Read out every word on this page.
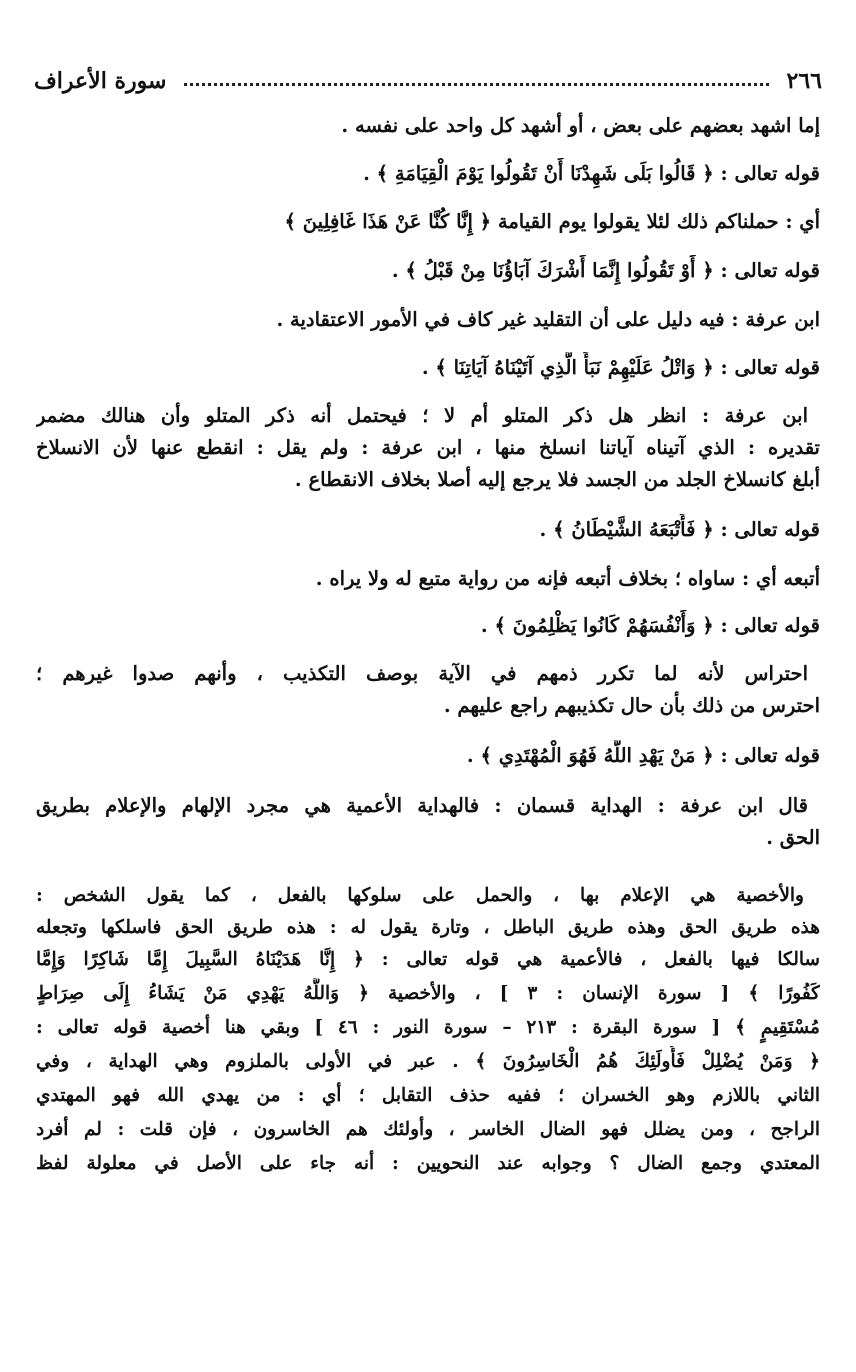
٢٦٦
سورة الأعراف
إما اشهد بعضهم على بعض ، أو أشهد كل واحد على نفسه .
قوله تعالى : ﴿ قَالُوا بَلَى شَهِدْنَا أَنْ تَقُولُوا يَوْمَ الْقِيَامَةِ ﴾ .
أي : حملناكم ذلك لئلا يقولوا يوم القيامة ﴿ إِنَّا كُنَّا عَنْ هَذَا غَافِلِينَ ﴾
قوله تعالى : ﴿ أَوْ تَقُولُوا إِنَّمَا أَشْرَكَ آبَاؤُنَا مِنْ قَبْلُ ﴾ .
ابن عرفة : فيه دليل على أن التقليد غير كاف في الأمور الاعتقادية .
قوله تعالى : ﴿ وَاتْلُ عَلَيْهِمْ نَبَأَ الَّذِي آتَيْنَاهُ آيَاتِنَا ﴾ .
ابن عرفة : انظر هل ذكر المتلو أم لا ؛ فيحتمل أنه ذكر المتلو وأن هنالك مضمر
تقديره : الذي آتيناه آياتنا انسلخ منها ، ابن عرفة : ولم يقل : انقطع عنها لأن الانسلاخ
أبلغ كانسلاخ الجلد من الجسد فلا يرجع إليه أصلا بخلاف الانقطاع .
قوله تعالى : ﴿ فَأَتْبَعَهُ الشَّيْطَانُ ﴾ .
أتبعه أي : ساواه ؛ بخلاف أتبعه فإنه من رواية متبع له ولا يراه .
قوله تعالى : ﴿ وَأَنْفُسَهُمْ كَانُوا يَظْلِمُونَ ﴾ .
احتراس لأنه لما تكرر ذمهم في الآية بوصف التكذيب ، وأنهم صدوا غيرهم ؛
احترس من ذلك بأن حال تكذيبهم راجع عليهم .
قوله تعالى : ﴿ مَنْ يَهْدِ اللَّهُ فَهُوَ الْمُهْتَدِي ﴾ .
قال ابن عرفة : الهداية قسمان : فالهداية الأعمية هي مجرد الإلهام والإعلام بطريق
الحق .
والأخصية هي الإعلام بها ، والحمل على سلوكها بالفعل ، كما يقول الشخص :
هذه طريق الحق وهذه طريق الباطل ، وتارة يقول له : هذه طريق الحق فاسلكها وتجعله
سالكا فيها بالفعل ، فالأعمية هي قوله تعالى : ﴿ إِنَّا هَدَيْنَاهُ السَّبِيلَ إِمَّا شَاكِرًا وَإِمَّا
كَفُورًا ﴾ [ سورة الإنسان : ٣ ] ، والأخصية ﴿ وَاللَّهُ يَهْدِي مَنْ يَشَاءُ إِلَى صِرَاطٍ
مُسْتَقِيمٍ ﴾ [ سورة البقرة : ٢١٣ – سورة النور : ٤٦ ] وبقي هنا أخصية قوله تعالى :
﴿ وَمَنْ يُضْلِلْ فَأُولَئِكَ هُمُ الْخَاسِرُونَ ﴾ . عبر في الأولى بالملزوم وهي الهداية ، وفي
الثاني باللازم وهو الخسران ؛ ففيه حذف التقابل ؛ أي : من يهدي الله فهو المهتدي
الراجح ، ومن يضلل فهو الضال الخاسر ، وأولئك هم الخاسرون ، فإن قلت : لم أفرد
المعتدي وجمع الضال ؟ وجوابه عند النحويين : أنه جاء على الأصل في معلولة لفظ
